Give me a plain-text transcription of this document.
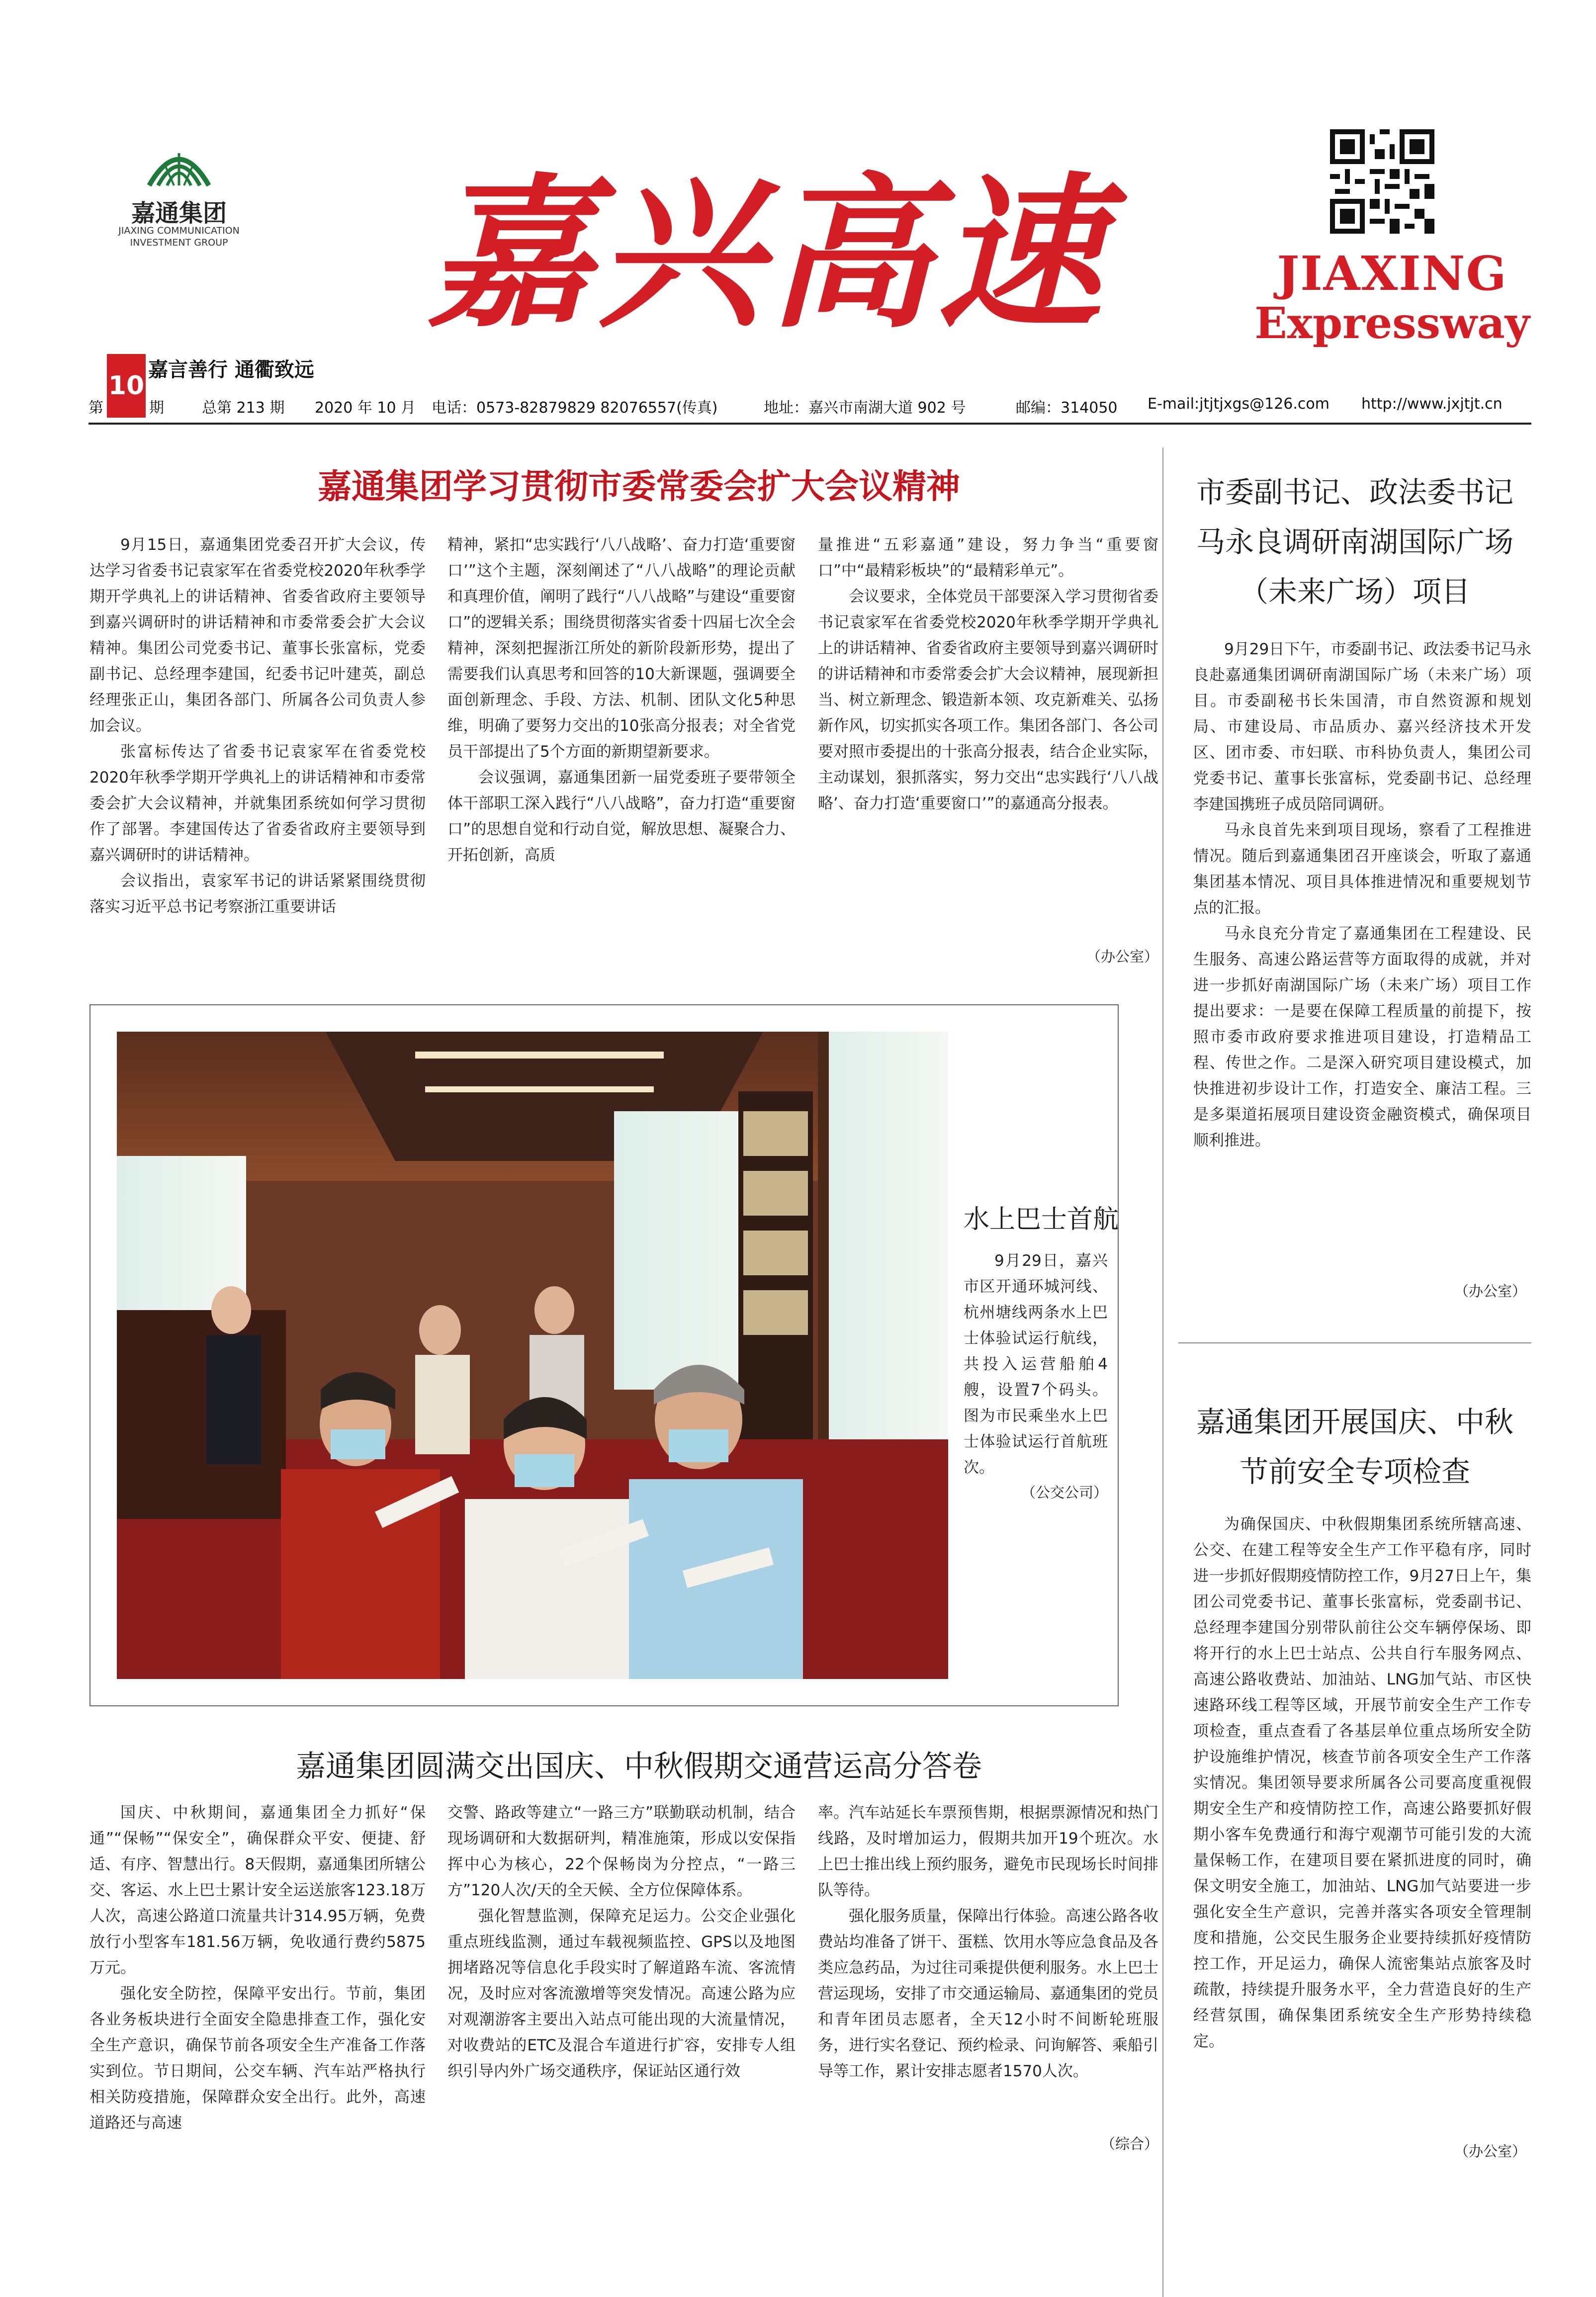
嘉通集团
JIAXING COMMUNICATION
INVESTMENT GROUP 嘉兴高速	JIAXING
Expressway
10
嘉言善行 通衢致远
第	期	总第 213 期 2020 年 10 月 电话：0573-82879829 82076557(传真)	地址：嘉兴市南湖大道 902 号	邮编：314050 E-mail:jtjtjxgs@126.com http://www.jxjtjt.cn
嘉通集团学习贯彻市委常委会扩大会议精神

9月15日，嘉通集团党委召开扩大会议，传达学习省委书记袁家军在省委党校2020年秋季学期开学典礼上的讲话精神、省委省政府主要领导到嘉兴调研时的讲话精神和市委常委会扩大会议精神。集团公司党委书记、董事长张富标，党委副书记、总经理李建国，纪委书记叶建英，副总经理张正山，集团各部门、所属各公司负责人参加会议。

张富标传达了省委书记袁家军在省委党校2020年秋季学期开学典礼上的讲话精神和市委常委会扩大会议精神，并就集团系统如何学习贯彻作了部署。李建国传达了省委省政府主要领导到嘉兴调研时的讲话精神。

会议指出，袁家军书记的讲话紧紧围绕贯彻落实习近平总书记考察浙江重要讲话

精神，紧扣“忠实践行‘八八战略’、奋力打造‘重要窗口’”这个主题，深刻阐述了“八八战略”的理论贡献和真理价值，阐明了践行“八八战略”与建设“重要窗口”的逻辑关系；围绕贯彻落实省委十四届七次全会精神，深刻把握浙江所处的新阶段新形势，提出了需要我们认真思考和回答的10大新课题，强调要全面创新理念、手段、方法、机制、团队文化5种思维，明确了要努力交出的10张高分报表；对全省党员干部提出了5个方面的新期望新要求。

会议强调，嘉通集团新一届党委班子要带领全体干部职工深入践行“八八战略”，奋力打造“重要窗口”的思想自觉和行动自觉，解放思想、凝聚合力、开拓创新，高质

量推进“五彩嘉通”建设，努力争当“重要窗口”中“最精彩板块”的“最精彩单元”。

会议要求，全体党员干部要深入学习贯彻省委书记袁家军在省委党校2020年秋季学期开学典礼上的讲话精神、省委省政府主要领导到嘉兴调研时的讲话精神和市委常委会扩大会议精神，展现新担当、树立新理念、锻造新本领、攻克新难关、弘扬新作风，切实抓实各项工作。集团各部门、各公司要对照市委提出的十张高分报表，结合企业实际，主动谋划，狠抓落实，努力交出“忠实践行‘八八战略’、奋力打造‘重要窗口’”的嘉通高分报表。

（办公室）
市委副书记、政法委书记
马永良调研南湖国际广场
（未来广场）项目

9月29日下午，市委副书记、政法委书记马永良赴嘉通集团调研南湖国际广场（未来广场）项目。市委副秘书长朱国清，市自然资源和规划局、市建设局、市品质办、嘉兴经济技术开发区、团市委、市妇联、市科协负责人，集团公司党委书记、董事长张富标，党委副书记、总经理李建国携班子成员陪同调研。

马永良首先来到项目现场，察看了工程推进情况。随后到嘉通集团召开座谈会，听取了嘉通集团基本情况、项目具体推进情况和重要规划节点的汇报。

马永良充分肯定了嘉通集团在工程建设、民生服务、高速公路运营等方面取得的成就，并对进一步抓好南湖国际广场（未来广场）项目工作提出要求：一是要在保障工程质量的前提下，按照市委市政府要求推进项目建设，打造精品工程、传世之作。二是深入研究项目建设模式，加快推进初步设计工作，打造安全、廉洁工程。三是多渠道拓展项目建设资金融资模式，确保项目顺利推进。

（办公室）
水上巴士首航

9月29日，嘉兴市区开通环城河线、杭州塘线两条水上巴士体验试运行航线，共投入运营船舶4艘，设置7个码头。图为市民乘坐水上巴士体验试运行首航班次。

（公交公司）
嘉通集团开展国庆、中秋
节前安全专项检查

为确保国庆、中秋假期集团系统所辖高速、公交、在建工程等安全生产工作平稳有序，同时进一步抓好假期疫情防控工作，9月27日上午，集团公司党委书记、董事长张富标，党委副书记、总经理李建国分别带队前往公交车辆停保场、即将开行的水上巴士站点、公共自行车服务网点、高速公路收费站、加油站、LNG加气站、市区快速路环线工程等区域，开展节前安全生产工作专项检查，重点查看了各基层单位重点场所安全防护设施维护情况，核查节前各项安全生产工作落实情况。集团领导要求所属各公司要高度重视假期安全生产和疫情防控工作，高速公路要抓好假期小客车免费通行和海宁观潮节可能引发的大流量保畅工作，在建项目要在紧抓进度的同时，确保文明安全施工，加油站、LNG加气站要进一步强化安全生产意识，完善并落实各项安全管理制度和措施，公交民生服务企业要持续抓好疫情防控工作，开足运力，确保人流密集站点旅客及时疏散，持续提升服务水平，全力营造良好的生产经营氛围，确保集团系统安全生产形势持续稳定。

（办公室）
嘉通集团圆满交出国庆、中秋假期交通营运高分答卷

国庆、中秋期间，嘉通集团全力抓好“保通”“保畅”“保安全”，确保群众平安、便捷、舒适、有序、智慧出行。8天假期，嘉通集团所辖公交、客运、水上巴士累计安全运送旅客123.18万人次，高速公路道口流量共计314.95万辆，免费放行小型客车181.56万辆，免收通行费约5875万元。

强化安全防控，保障平安出行。节前，集团各业务板块进行全面安全隐患排查工作，强化安全生产意识，确保节前各项安全生产准备工作落实到位。节日期间，公交车辆、汽车站严格执行相关防疫措施，保障群众安全出行。此外，高速道路还与高速

交警、路政等建立“一路三方”联勤联动机制，结合现场调研和大数据研判，精准施策，形成以安保指挥中心为核心，22个保畅岗为分控点，“一路三方”120人次/天的全天候、全方位保障体系。

强化智慧监测，保障充足运力。公交企业强化重点班线监测，通过车载视频监控、GPS以及地图拥堵路况等信息化手段实时了解道路车流、客流情况，及时应对客流激增等突发情况。高速公路为应对观潮游客主要出入站点可能出现的大流量情况，对收费站的ETC及混合车道进行扩容，安排专人组织引导内外广场交通秩序，保证站区通行效

率。汽车站延长车票预售期，根据票源情况和热门线路，及时增加运力，假期共加开19个班次。水上巴士推出线上预约服务，避免市民现场长时间排队等待。

强化服务质量，保障出行体验。高速公路各收费站均准备了饼干、蛋糕、饮用水等应急食品及各类应急药品，为过往司乘提供便利服务。水上巴士营运现场，安排了市交通运输局、嘉通集团的党员和青年团员志愿者，全天12小时不间断轮班服务，进行实名登记、预约检录、问询解答、乘船引导等工作，累计安排志愿者1570人次。

（综合）
